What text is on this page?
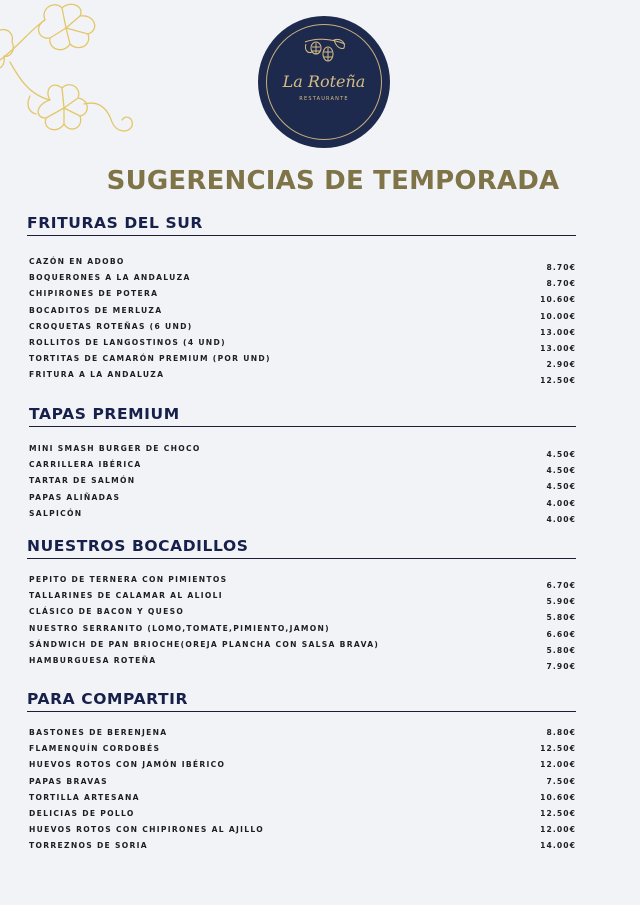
La Roteña
RESTAURANTE
SUGERENCIAS DE TEMPORADA
FRITURAS DEL SUR
CAZÓN EN ADOBO
BOQUERONES A LA ANDALUZA
CHIPIRONES DE POTERA
BOCADITOS DE MERLUZA
CROQUETAS ROTEÑAS (6 UND)
ROLLITOS DE LANGOSTINOS (4 UND)
TORTITAS DE CAMARÓN PREMIUM (POR UND)
FRITURA A LA ANDALUZA
8.70€
8.70€
10.60€
10.00€
13.00€
13.00€
2.90€
12.50€
TAPAS PREMIUM
MINI SMASH BURGER DE CHOCO
CARRILLERA IBÉRICA
TARTAR DE SALMÓN
PAPAS ALIÑADAS
SALPICÓN
4.50€
4.50€
4.50€
4.00€
4.00€
NUESTROS BOCADILLOS
PEPITO DE TERNERA CON PIMIENTOS
TALLARINES DE CALAMAR AL ALIOLI
CLÁSICO DE BACON Y QUESO
NUESTRO SERRANITO (LOMO,TOMATE,PIMIENTO,JAMON)
SÁNDWICH DE PAN BRIOCHE(OREJA PLANCHA CON SALSA BRAVA)
HAMBURGUESA ROTEÑA
6.70€
5.90€
5.80€
6.60€
5.80€
7.90€
PARA COMPARTIR
BASTONES DE BERENJENA
FLAMENQUÍN CORDOBÉS
HUEVOS ROTOS CON JAMÓN IBÉRICO
PAPAS BRAVAS
TORTILLA ARTESANA
DELICIAS DE POLLO
HUEVOS ROTOS CON CHIPIRONES AL AJILLO
TORREZNOS DE SORIA
8.80€
12.50€
12.00€
7.50€
10.60€
12.50€
12.00€
14.00€
